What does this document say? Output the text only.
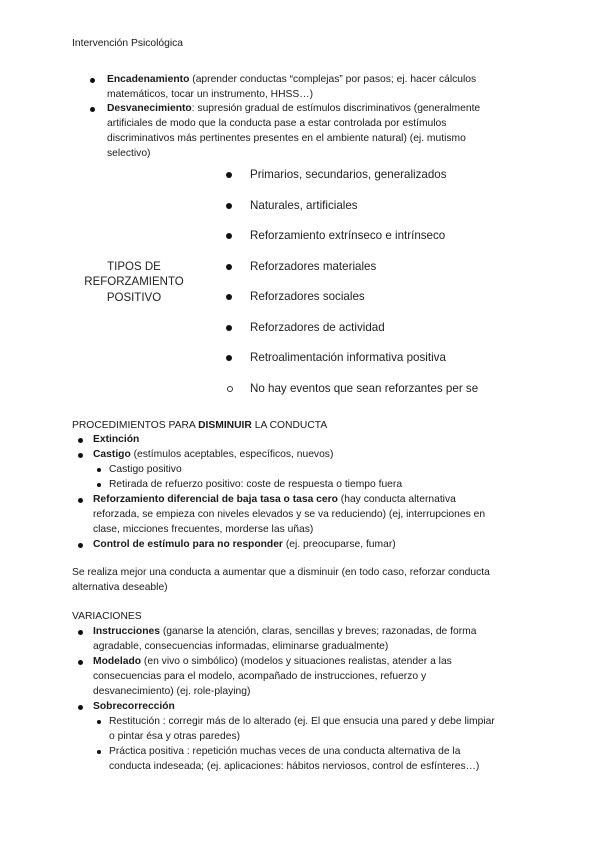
Intervención Psicológica
Encadenamiento (aprender conductas “complejas” por pasos; ej. hacer cálculos
matemáticos, tocar un instrumento, HHSS…)
Desvanecimiento: supresión gradual de estímulos discriminativos (generalmente
artificiales de modo que la conducta pase a estar controlada por estímulos
discriminativos más pertinentes presentes en el ambiente natural) (ej. mutismo
selectivo)
TIPOS DE
REFORZAMIENTO
POSITIVO
Primarios, secundarios, generalizados
Naturales, artificiales
Reforzamiento extrínseco e intrínseco
Reforzadores materiales
Reforzadores sociales
Reforzadores de actividad
Retroalimentación informativa positiva
No hay eventos que sean reforzantes per se
PROCEDIMIENTOS PARA DISMINUIR LA CONDUCTA
Extinción
Castigo (estímulos aceptables, específicos, nuevos)
Castigo positivo
Retirada de refuerzo positivo: coste de respuesta o tiempo fuera
Reforzamiento diferencial de baja tasa o tasa cero (hay conducta alternativa
reforzada, se empieza con niveles elevados y se va reduciendo) (ej, interrupciones en
clase, micciones frecuentes, morderse las uñas)
Control de estímulo para no responder (ej. preocuparse, fumar)
Se realiza mejor una conducta a aumentar que a disminuir (en todo caso, reforzar conducta
alternativa deseable)
VARIACIONES
Instrucciones (ganarse la atención, claras, sencillas y breves; razonadas, de forma
agradable, consecuencias informadas, eliminarse gradualmente)
Modelado (en vivo o simbólico) (modelos y situaciones realistas, atender a las
consecuencias para el modelo, acompañado de instrucciones, refuerzo y
desvanecimiento) (ej. role-playing)
Sobrecorrección
Restitución : corregir más de lo alterado (ej. El que ensucia una pared y debe limpiar
o pintar ésa y otras paredes)
Práctica positiva : repetición muchas veces de una conducta alternativa de la
conducta indeseada; (ej. aplicaciones: hábitos nerviosos, control de esfínteres…)
